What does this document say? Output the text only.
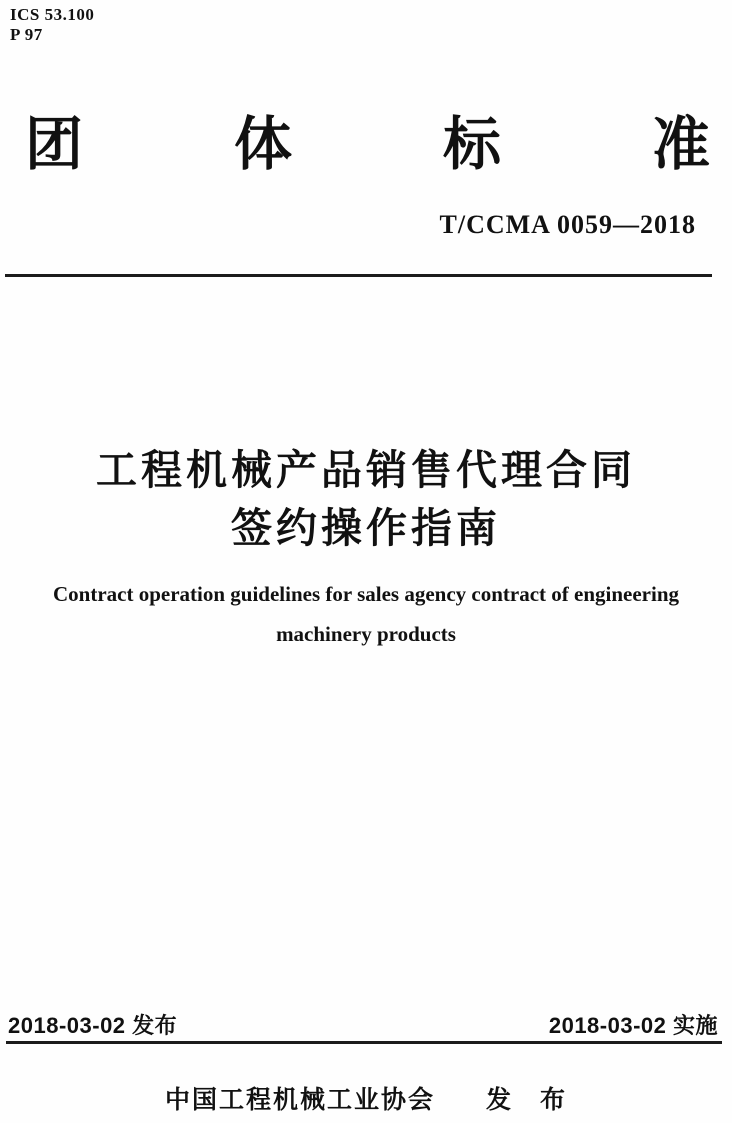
ICS 53.100
P 97
团	体	标	准
T/CCMA 0059—2018
工程机械产品销售代理合同
签约操作指南
Contract operation guidelines for sales agency contract of engineering
machinery products
2018-03-02 发布	2018-03-02 实施
中国工程机械工业协会 发　布
